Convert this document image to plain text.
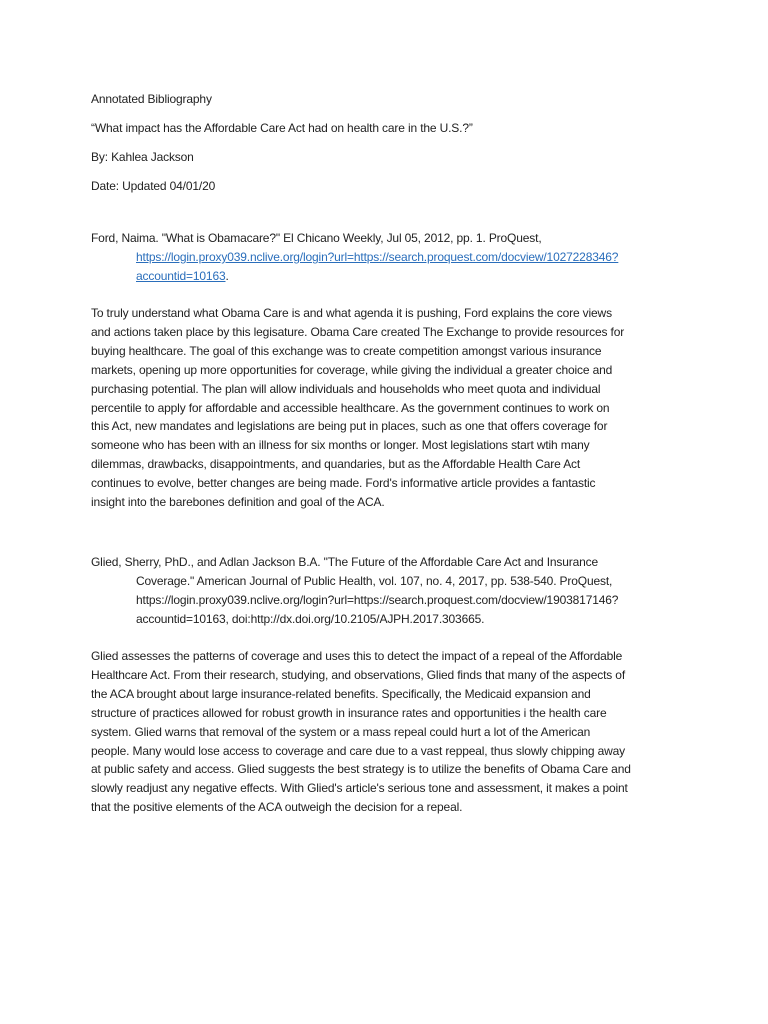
Annotated Bibliography
“What impact has the Affordable Care Act had on health care in the U.S.?”
By: Kahlea Jackson
Date: Updated 04/01/20
Ford, Naima. "What is Obamacare?" El Chicano Weekly, Jul 05, 2012, pp. 1. ProQuest,
https://login.proxy039.nclive.org/login?url=https://search.proquest.com/docview/1027228346?
accountid=10163.
To truly understand what Obama Care is and what agenda it is pushing, Ford explains the core views
and actions taken place by this legisature. Obama Care created The Exchange to provide resources for
buying healthcare. The goal of this exchange was to create competition amongst various insurance
markets, opening up more opportunities for coverage, while giving the individual a greater choice and
purchasing potential. The plan will allow individuals and households who meet quota and individual
percentile to apply for affordable and accessible healthcare. As the government continues to work on
this Act, new mandates and legislations are being put in places, such as one that offers coverage for
someone who has been with an illness for six months or longer. Most legislations start wtih many
dilemmas, drawbacks, disappointments, and quandaries, but as the Affordable Health Care Act
continues to evolve, better changes are being made. Ford's informative article provides a fantastic
insight into the barebones definition and goal of the ACA.
Glied, Sherry, PhD., and Adlan Jackson B.A. "The Future of the Affordable Care Act and Insurance
Coverage." American Journal of Public Health, vol. 107, no. 4, 2017, pp. 538-540. ProQuest,
https://login.proxy039.nclive.org/login?url=https://search.proquest.com/docview/1903817146?
accountid=10163, doi:http://dx.doi.org/10.2105/AJPH.2017.303665.
Glied assesses the patterns of coverage and uses this to detect the impact of a repeal of the Affordable
Healthcare Act. From their research, studying, and observations, Glied finds that many of the aspects of
the ACA brought about large insurance-related benefits. Specifically, the Medicaid expansion and
structure of practices allowed for robust growth in insurance rates and opportunities i the health care
system. Glied warns that removal of the system or a mass repeal could hurt a lot of the American
people. Many would lose access to coverage and care due to a vast reppeal, thus slowly chipping away
at public safety and access. Glied suggests the best strategy is to utilize the benefits of Obama Care and
slowly readjust any negative effects. With Glied's article's serious tone and assessment, it makes a point
that the positive elements of the ACA outweigh the decision for a repeal.
